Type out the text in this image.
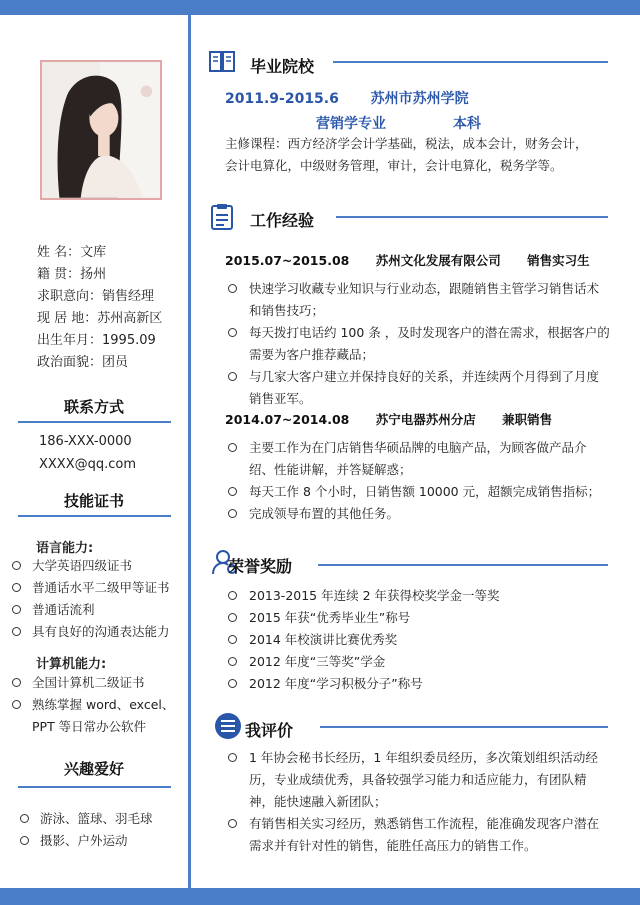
姓 名：文库
籍 贯：扬州
求职意向：销售经理
现 居 地：苏州高新区
出生年月：1995.09
政治面貌：团员
联系方式
186-XXX-0000
XXXX@qq.com
技能证书
语言能力:
大学英语四级证书
普通话水平二级甲等证书
普通话流利
具有良好的沟通表达能力
计算机能力:
全国计算机二级证书
熟练掌握 word、excel、
PPT 等日常办公软件
兴趣爱好
游泳、篮球、羽毛球
摄影、户外运动
毕业院校
2011.9-2015.6 苏州市苏州学院
营销学专业	本科
主修课程：西方经济学会计学基础，税法，成本会计，财务会计，
会计电算化，中级财务管理，审计，会计电算化，税务学等。
工作经验
2015.07~2015.08 苏州文化发展有限公司 销售实习生
快速学习收藏专业知识与行业动态，跟随销售主管学习销售话术和销售技巧；
每天拨打电话约 100 条 ，及时发现客户的潜在需求，根据客户的需要为客户推荐藏品；
与几家大客户建立并保持良好的关系，并连续两个月得到了月度销售亚军。
2014.07~2014.08 苏宁电器苏州分店 兼职销售
主要工作为在门店销售华硕品牌的电脑产品，为顾客做产品介绍、性能讲解，并答疑解惑；
每天工作 8 个小时，日销售额 10000 元，超额完成销售指标；
完成领导布置的其他任务。
荣誉奖励
2013-2015 年连续 2 年获得校奖学金一等奖
2015 年获“优秀毕业生”称号
2014 年校演讲比赛优秀奖
2012 年度“三等奖”学金
2012 年度“学习积极分子”称号
我评价
1 年协会秘书长经历，1 年组织委员经历，多次策划组织活动经历，专业成绩优秀，具备较强学习能力和适应能力，有团队精神，能快速融入新团队；
有销售相关实习经历，熟悉销售工作流程，能准确发现客户潜在需求并有针对性的销售，能胜任高压力的销售工作。
